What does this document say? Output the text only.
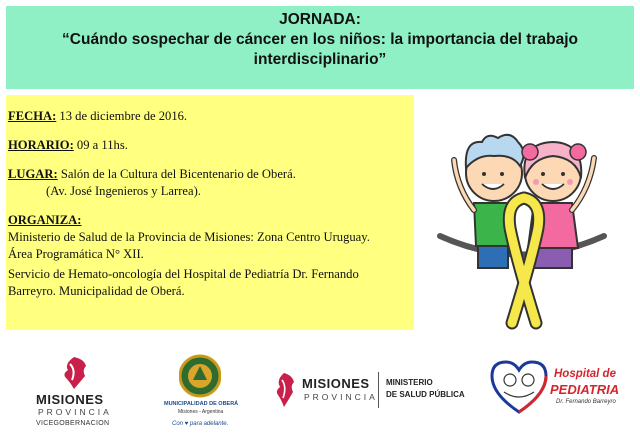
JORNADA:
“Cuándo sospechar de cáncer en los niños: la importancia del trabajo
interdisciplinario”

FECHA: 13 de diciembre de 2016.

HORARIO: 09 a 11hs.

LUGAR: Salón de la Cultura del Bicentenario de Oberá.

(Av. José Ingenieros y Larrea).

ORGANIZA:

Ministerio de Salud de la Provincia de Misiones: Zona Centro Uruguay.

Área Programática N° XII.

Servicio de Hemato-oncología del Hospital de Pediatría Dr. Fernando

Barreyro. Municipalidad de Oberá.

MISIONES
PROVINCIA
VICEGOBERNACION
MUNICIPALIDAD DE OBERÁ
Misiones - Argentina
Con ♥ para adelante.
MISIONES
PROVINCIA
MINISTERIO
DE SALUD PÚBLICA
Hospital de
PEDIATRIA
Dr. Fernando Barreyro
